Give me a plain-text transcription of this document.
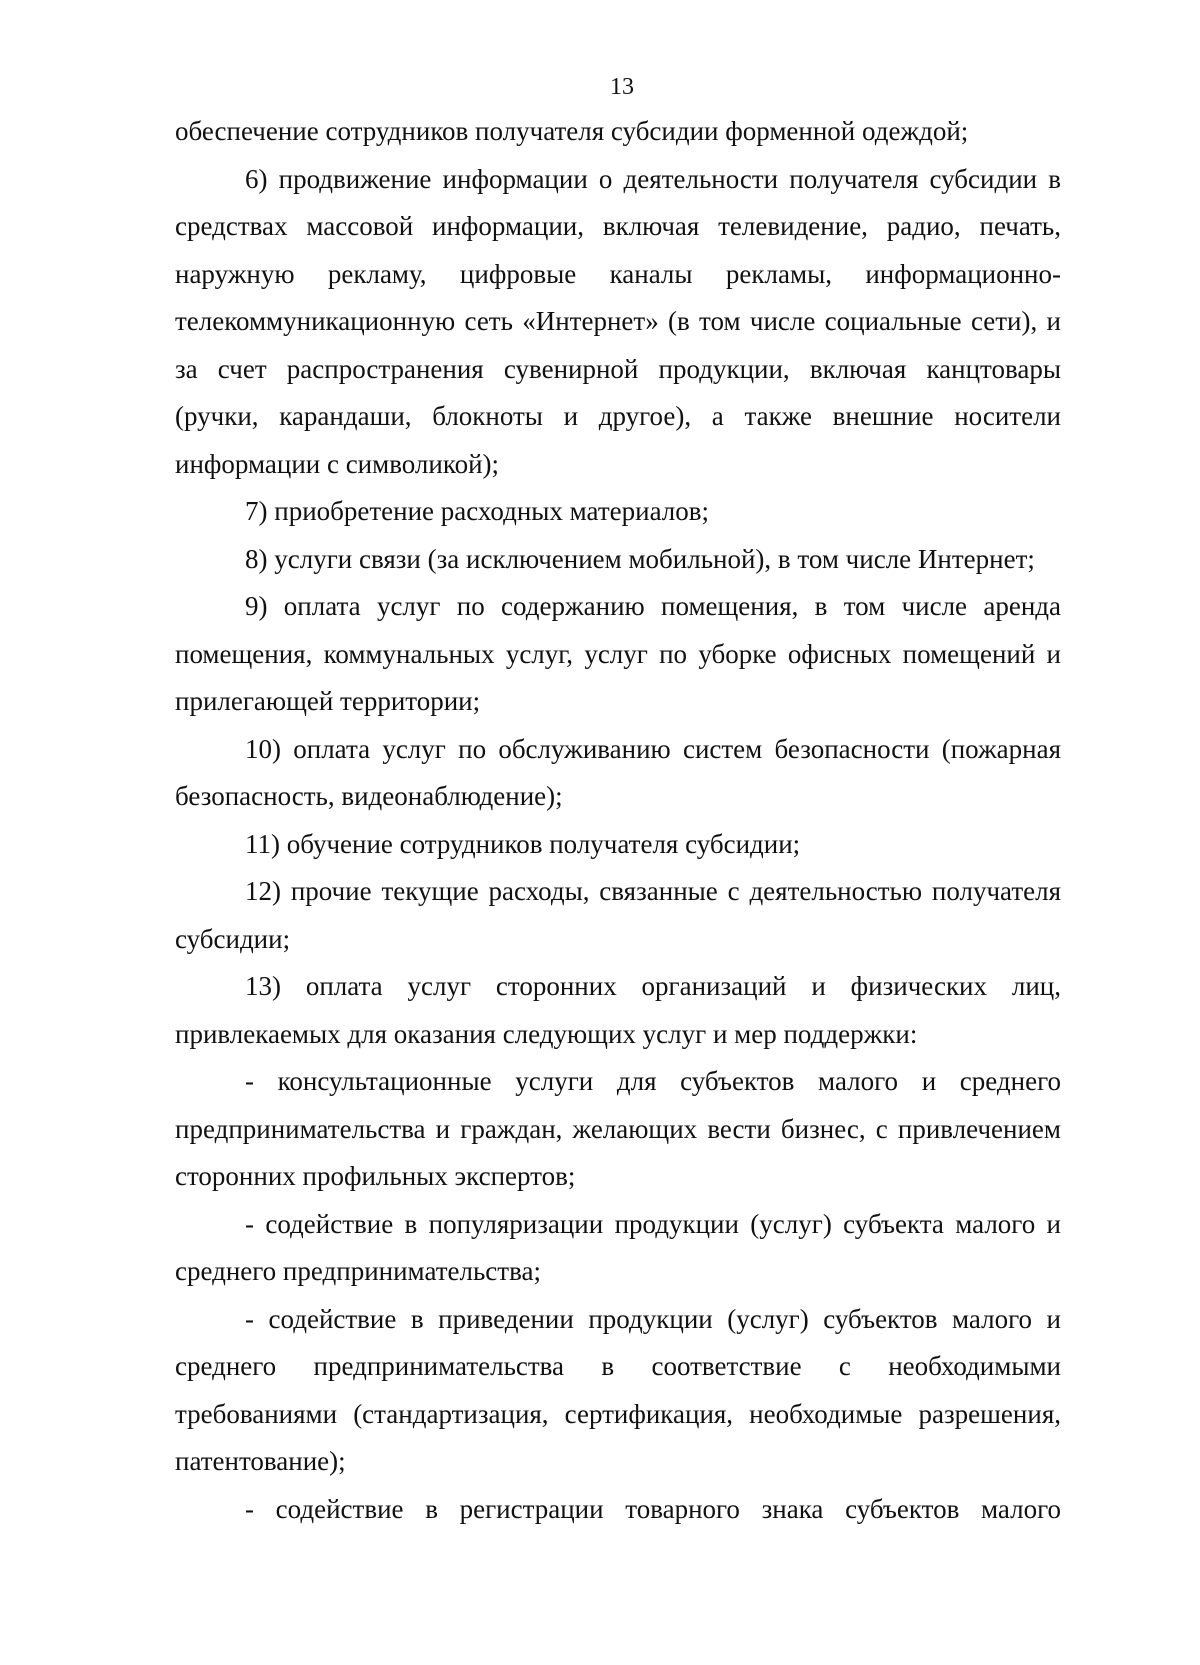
13

обеспечение сотрудников получателя субсидии форменной одеждой;

6) продвижение информации о деятельности получателя субсидии в средствах массовой информации, включая телевидение, радио, печать, наружную рекламу, цифровые каналы рекламы, информационно-телекоммуникационную сеть «Интернет» (в том числе социальные сети), и за счет распространения сувенирной продукции, включая канцтовары (ручки, карандаши, блокноты и другое), а также внешние носители информации с символикой);

7) приобретение расходных материалов;

8) услуги связи (за исключением мобильной), в том числе Интернет;

9) оплата услуг по содержанию помещения, в том числе аренда помещения, коммунальных услуг, услуг по уборке офисных помещений и прилегающей территории;

10) оплата услуг по обслуживанию систем безопасности (пожарная безопасность, видеонаблюдение);

11) обучение сотрудников получателя субсидии;

12) прочие текущие расходы, связанные с деятельностью получателя субсидии;

13) оплата услуг сторонних организаций и физических лиц, привлекаемых для оказания следующих услуг и мер поддержки:

- консультационные услуги для субъектов малого и среднего предпринимательства и граждан, желающих вести бизнес, с привлечением сторонних профильных экспертов;

- содействие в популяризации продукции (услуг) субъекта малого и среднего предпринимательства;

- содействие в приведении продукции (услуг) субъектов малого и среднего предпринимательства в соответствие с необходимыми требованиями (стандартизация, сертификация, необходимые разрешения, патентование);

- содействие в регистрации товарного знака субъектов малого
